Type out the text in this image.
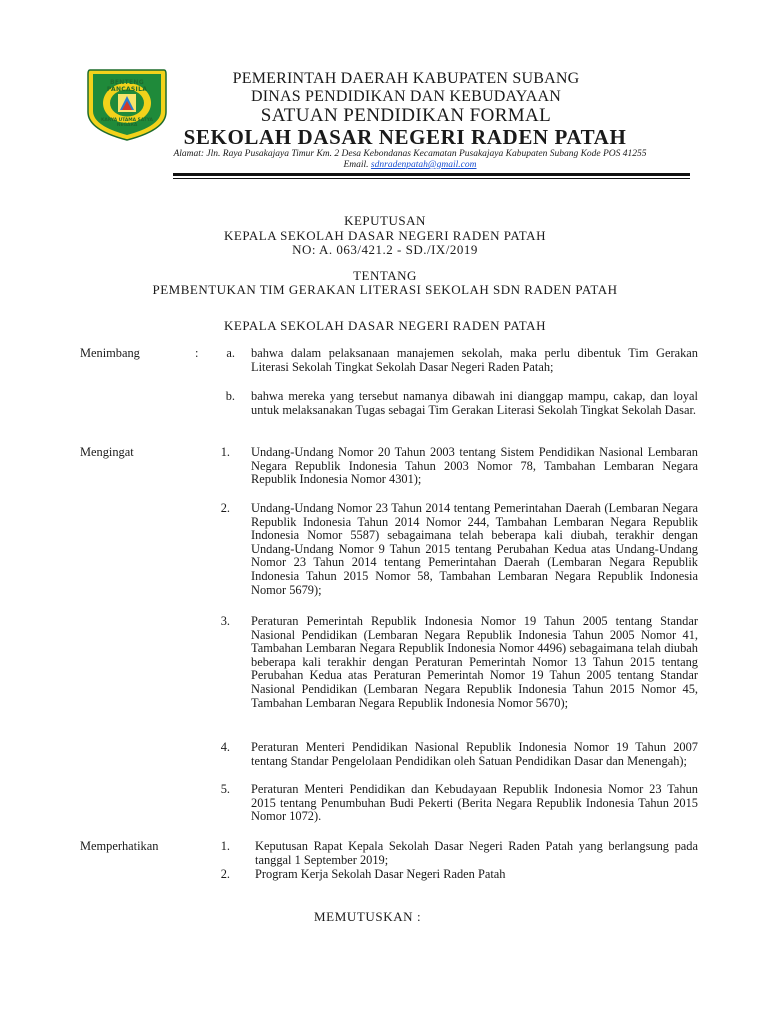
BENTENG PANCASILA
KARYA UTAMA SATYA NEGARA
PEMERINTAH DAERAH KABUPATEN SUBANG
DINAS PENDIDIKAN DAN KEBUDAYAAN
SATUAN PENDIDIKAN FORMAL
SEKOLAH DASAR NEGERI RADEN PATAH
Alamat: Jln. Raya Pusakajaya Timur Km. 2 Desa Kebondanas Kecamatan Pusakajaya Kabupaten Subang Kode POS 41255
Email. sdnradenpatah@gmail.com
KEPUTUSAN
KEPALA SEKOLAH DASAR NEGERI RADEN PATAH
NO: A. 063/421.2 - SD./IX/2019
TENTANG
PEMBENTUKAN TIM GERAKAN LITERASI SEKOLAH SDN RADEN PATAH
KEPALA SEKOLAH DASAR NEGERI RADEN PATAH
Menimbang	:	a. bahwa dalam pelaksanaan manajemen sekolah, maka perlu dibentuk Tim Gerakan Literasi Sekolah Tingkat Sekolah Dasar Negeri Raden Patah;
b. bahwa mereka yang tersebut namanya dibawah ini dianggap mampu, cakap, dan loyal untuk melaksanakan Tugas sebagai Tim Gerakan Literasi Sekolah Tingkat Sekolah Dasar.
Mengingat	1. Undang-Undang Nomor 20 Tahun 2003 tentang Sistem Pendidikan Nasional Lembaran Negara Republik Indonesia Tahun 2003 Nomor 78, Tambahan Lembaran Negara Republik Indonesia Nomor 4301);
2. Undang-Undang Nomor 23 Tahun 2014 tentang Pemerintahan Daerah (Lembaran Negara Republik Indonesia Tahun 2014 Nomor 244, Tambahan Lembaran Negara Republik Indonesia Nomor 5587) sebagaimana telah beberapa kali diubah, terakhir dengan Undang-Undang Nomor 9 Tahun 2015 tentang Perubahan Kedua atas Undang-Undang Nomor 23 Tahun 2014 tentang Pemerintahan Daerah (Lembaran Negara Republik Indonesia Tahun 2015 Nomor 58, Tambahan Lembaran Negara Republik Indonesia Nomor 5679);
3. Peraturan Pemerintah Republik Indonesia Nomor 19 Tahun 2005 tentang Standar Nasional Pendidikan (Lembaran Negara Republik Indonesia Tahun 2005 Nomor 41, Tambahan Lembaran Negara Republik Indonesia Nomor 4496) sebagaimana telah diubah beberapa kali terakhir dengan Peraturan Pemerintah Nomor 13 Tahun 2015 tentang Perubahan Kedua atas Peraturan Pemerintah Nomor 19 Tahun 2005 tentang Standar Nasional Pendidikan (Lembaran Negara Republik Indonesia Tahun 2015 Nomor 45, Tambahan Lembaran Negara Republik Indonesia Nomor 5670);
4. Peraturan Menteri Pendidikan Nasional Republik Indonesia Nomor 19 Tahun 2007 tentang Standar Pengelolaan Pendidikan oleh Satuan Pendidikan Dasar dan Menengah);
5. Peraturan Menteri Pendidikan dan Kebudayaan Republik Indonesia Nomor 23 Tahun 2015 tentang Penumbuhan Budi Pekerti (Berita Negara Republik Indonesia Tahun 2015 Nomor 1072).
Memperhatikan	1. Keputusan Rapat Kepala Sekolah Dasar Negeri Raden Patah yang berlangsung pada tanggal 1 September 2019;
2. Program Kerja Sekolah Dasar Negeri Raden Patah
MEMUTUSKAN :
